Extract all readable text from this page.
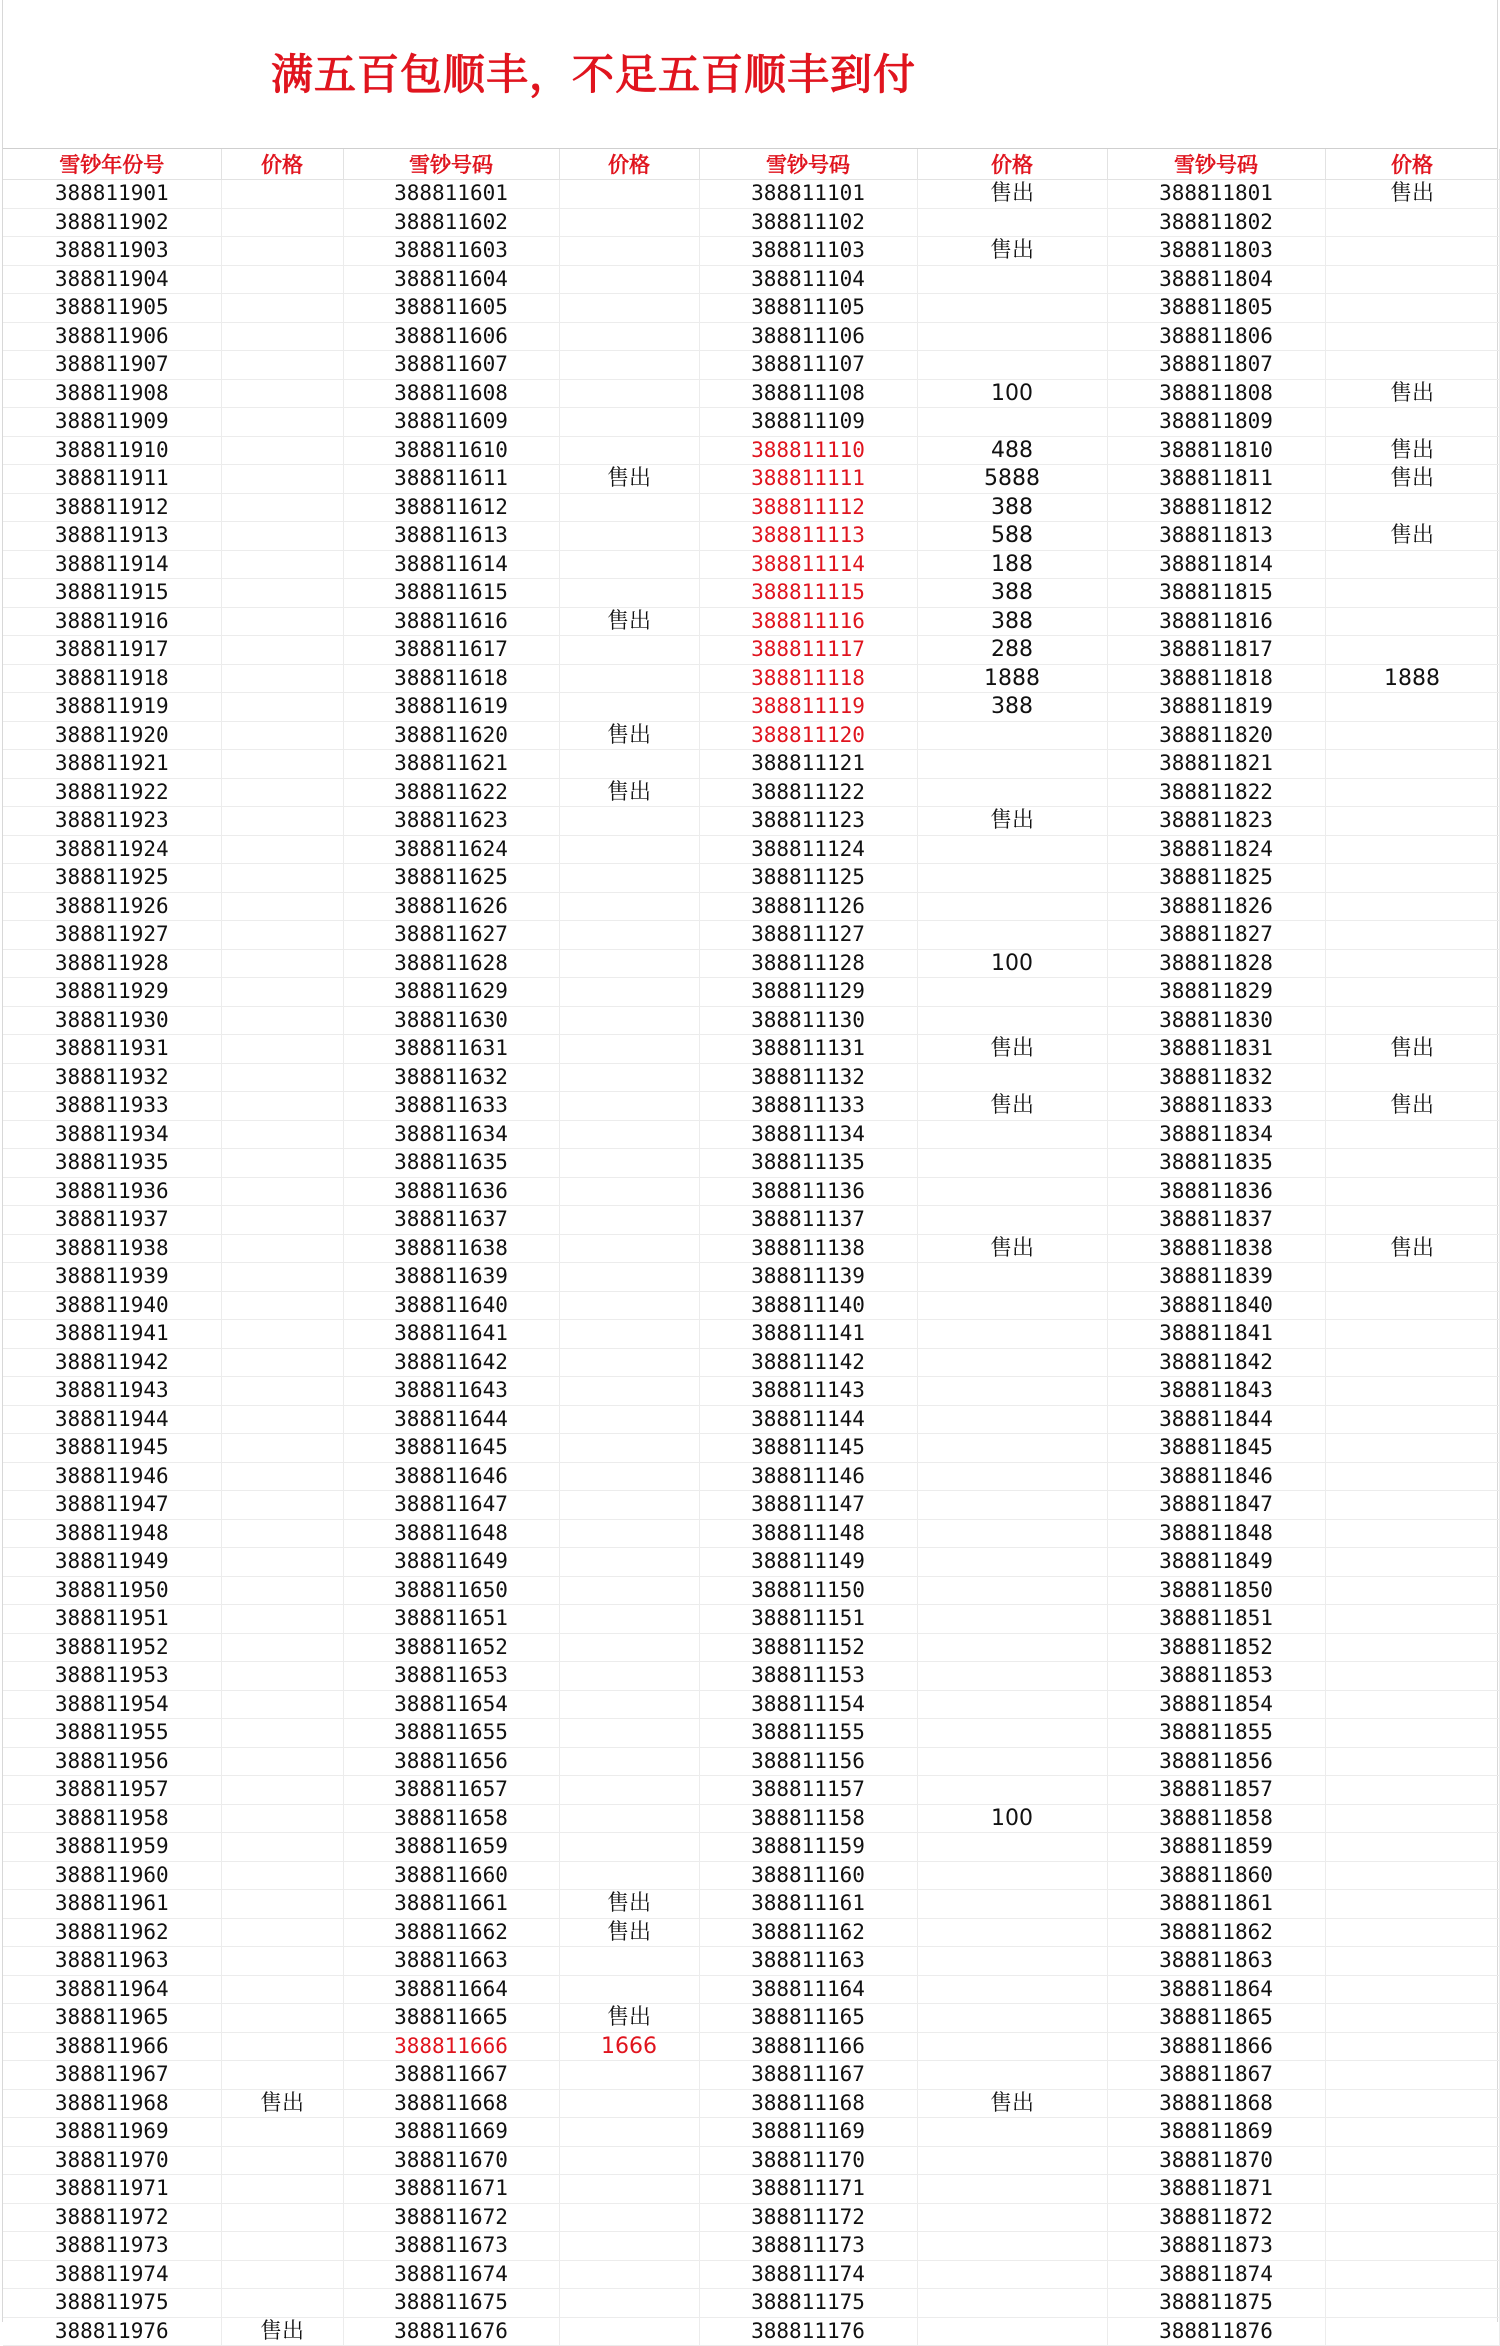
满五百包顺丰，不足五百顺丰到付
雪钞年份号	价格	雪钞号码	价格	雪钞号码	价格	雪钞号码	价格
388811901		388811601		388811101	售出	388811801	售出
388811902		388811602		388811102		388811802	
388811903		388811603		388811103	售出	388811803	
388811904		388811604		388811104		388811804	
388811905		388811605		388811105		388811805	
388811906		388811606		388811106		388811806	
388811907		388811607		388811107		388811807	
388811908		388811608		388811108	100	388811808	售出
388811909		388811609		388811109		388811809	
388811910		388811610		388811110	488	388811810	售出
388811911		388811611	售出	388811111	5888	388811811	售出
388811912		388811612		388811112	388	388811812	
388811913		388811613		388811113	588	388811813	售出
388811914		388811614		388811114	188	388811814	
388811915		388811615		388811115	388	388811815	
388811916		388811616	售出	388811116	388	388811816	
388811917		388811617		388811117	288	388811817	
388811918		388811618		388811118	1888	388811818	1888
388811919		388811619		388811119	388	388811819	
388811920		388811620	售出	388811120		388811820	
388811921		388811621		388811121		388811821	
388811922		388811622	售出	388811122		388811822	
388811923		388811623		388811123	售出	388811823	
388811924		388811624		388811124		388811824	
388811925		388811625		388811125		388811825	
388811926		388811626		388811126		388811826	
388811927		388811627		388811127		388811827	
388811928		388811628		388811128	100	388811828	
388811929		388811629		388811129		388811829	
388811930		388811630		388811130		388811830	
388811931		388811631		388811131	售出	388811831	售出
388811932		388811632		388811132		388811832	
388811933		388811633		388811133	售出	388811833	售出
388811934		388811634		388811134		388811834	
388811935		388811635		388811135		388811835	
388811936		388811636		388811136		388811836	
388811937		388811637		388811137		388811837	
388811938		388811638		388811138	售出	388811838	售出
388811939		388811639		388811139		388811839	
388811940		388811640		388811140		388811840	
388811941		388811641		388811141		388811841	
388811942		388811642		388811142		388811842	
388811943		388811643		388811143		388811843	
388811944		388811644		388811144		388811844	
388811945		388811645		388811145		388811845	
388811946		388811646		388811146		388811846	
388811947		388811647		388811147		388811847	
388811948		388811648		388811148		388811848	
388811949		388811649		388811149		388811849	
388811950		388811650		388811150		388811850	
388811951		388811651		388811151		388811851	
388811952		388811652		388811152		388811852	
388811953		388811653		388811153		388811853	
388811954		388811654		388811154		388811854	
388811955		388811655		388811155		388811855	
388811956		388811656		388811156		388811856	
388811957		388811657		388811157		388811857	
388811958		388811658		388811158	100	388811858	
388811959		388811659		388811159		388811859	
388811960		388811660		388811160		388811860	
388811961		388811661	售出	388811161		388811861	
388811962		388811662	售出	388811162		388811862	
388811963		388811663		388811163		388811863	
388811964		388811664		388811164		388811864	
388811965		388811665	售出	388811165		388811865	
388811966		388811666	1666	388811166		388811866	
388811967		388811667		388811167		388811867	
388811968	售出	388811668		388811168	售出	388811868	
388811969		388811669		388811169		388811869	
388811970		388811670		388811170		388811870	
388811971		388811671		388811171		388811871	
388811972		388811672		388811172		388811872	
388811973		388811673		388811173		388811873	
388811974		388811674		388811174		388811874	
388811975		388811675		388811175		388811875	
388811976	售出	388811676		388811176		388811876	
